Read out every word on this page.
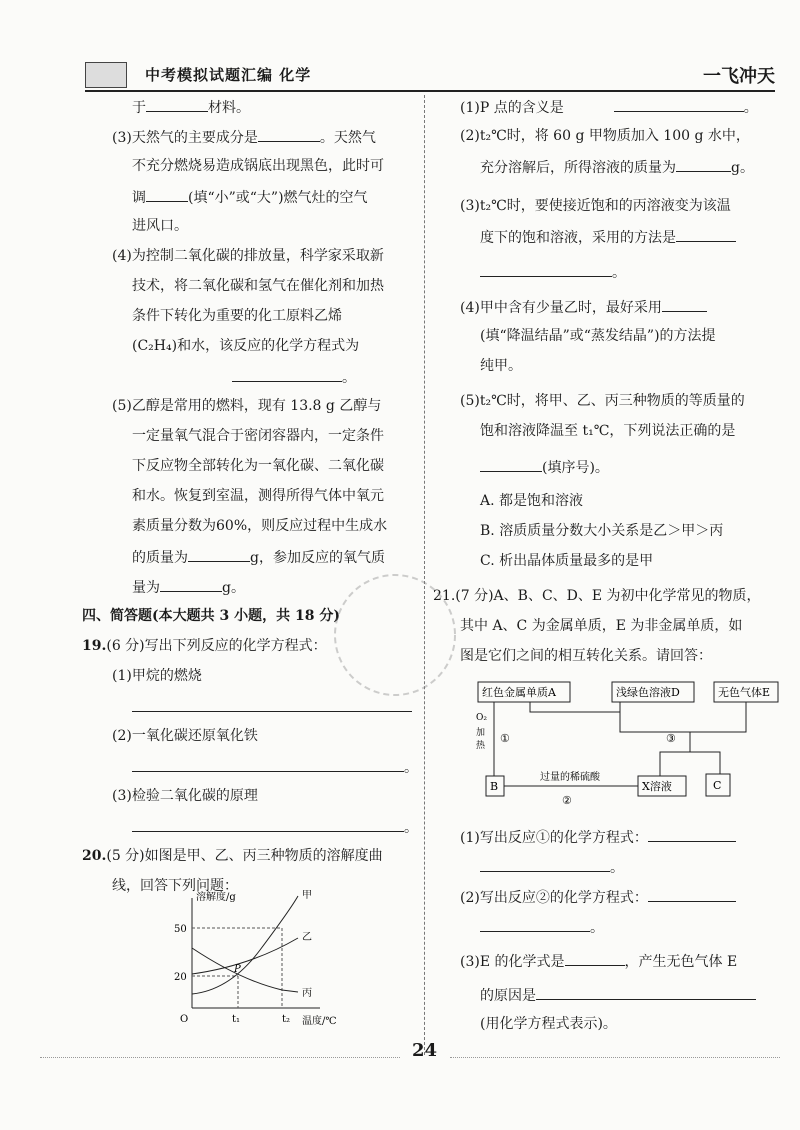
中考模拟试题汇编 化学	一飞冲天

于	材料。

(3)天然气的主要成分是	。天然气

不充分燃烧易造成锅底出现黑色，此时可

调	(填“小”或“大”)燃气灶的空气

进风口。

(4)为控制二氧化碳的排放量，科学家采取新

技术，将二氧化碳和氢气在催化剂和加热

条件下转化为重要的化工原料乙烯

(C₂H₄)和水，该反应的化学方程式为

。

(5)乙醇是常用的燃料，现有 13.8 g 乙醇与

一定量氧气混合于密闭容器内，一定条件

下反应物全部转化为一氧化碳、二氧化碳

和水。恢复到室温，测得所得气体中氧元

素质量分数为60%，则反应过程中生成水

的质量为	g，参加反应的氧气质

量为	g。

四、简答题(本大题共 3 小题，共 18 分)

19.(6 分)写出下列反应的化学方程式：

(1)甲烷的燃烧

(2)一氧化碳还原氧化铁

。

(3)检验二氧化碳的原理

。

20.(5 分)如图是甲、乙、丙三种物质的溶解度曲

线，回答下列问题：

溶解度/g
温度/℃
50
20
O	t₁	t₂
甲
乙
丙
P

(1)P 点的含义是	。

(2)t₂℃时，将 60 g 甲物质加入 100 g 水中，

充分溶解后，所得溶液的质量为	g。

(3)t₂℃时，要使接近饱和的丙溶液变为该温

度下的饱和溶液，采用的方法是

。

(4)甲中含有少量乙时，最好采用

(填“降温结晶”或“蒸发结晶”)的方法提

纯甲。

(5)t₂℃时，将甲、乙、丙三种物质的等质量的

饱和溶液降温至 t₁℃，下列说法正确的是

(填序号)。

A. 都是饱和溶液

B. 溶质质量分数大小关系是乙＞甲＞丙

C. 析出晶体质量最多的是甲

21.(7 分)A、B、C、D、E 为初中化学常见的物质，

其中 A、C 为金属单质，E 为非金属单质，如

图是它们之间的相互转化关系。请回答：

(1)写出反应①的化学方程式：

。

(2)写出反应②的化学方程式：

。

(3)E 的化学式是	，产生无色气体 E

的原因是

(用化学方程式表示)。

红色金属单质A	浅绿色溶液D	无色气体E
B	X溶液	C
O₂
加
热
①
过量的稀硫酸
②
③
24
